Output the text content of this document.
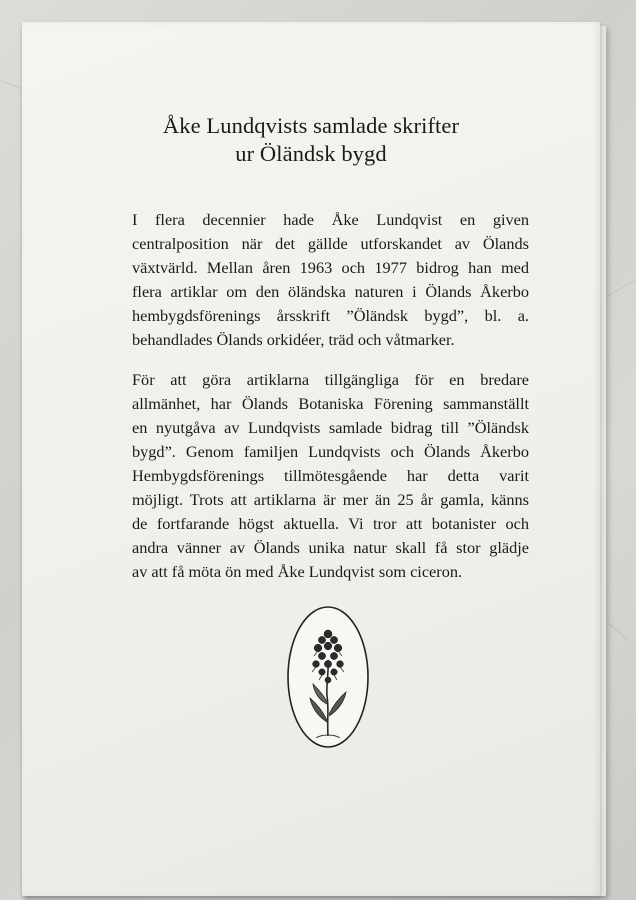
Åke Lundqvists samlade skrifter
ur Öländsk bygd
I flera decennier hade Åke Lundqvist en given
centralposition när det gällde utforskandet av Ölands
växtvärld. Mellan åren 1963 och 1977 bidrog han med
flera artiklar om den öländska naturen i Ölands Åkerbo
hembygdsförenings årsskrift ”Öländsk bygd”, bl. a.
behandlades Ölands orkidéer, träd och våtmarker.
För att göra artiklarna tillgängliga för en bredare
allmänhet, har Ölands Botaniska Förening sammanställt
en nyutgåva av Lundqvists samlade bidrag till ”Öländsk
bygd”. Genom familjen Lundqvists och Ölands Åkerbo
Hembygdsförenings tillmötesgående har detta varit
möjligt. Trots att artiklarna är mer än 25 år gamla, känns
de fortfarande högst aktuella. Vi tror att botanister och
andra vänner av Ölands unika natur skall få stor glädje
av att få möta ön med Åke Lundqvist som ciceron.
